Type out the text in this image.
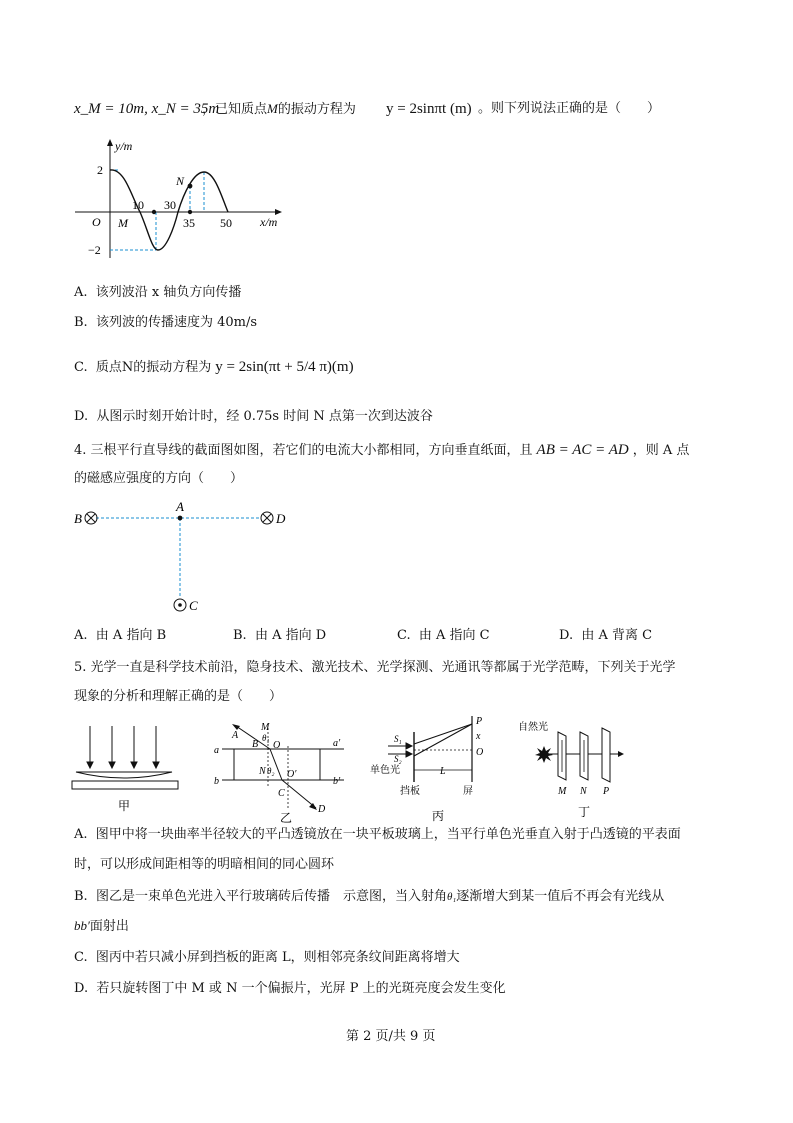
x_M = 10m, x_N = 35m
，已知质点M的振动方程为 y = 2sinπt (m) 。则下列说法正确的是（　　）
y/m
x/m
O
2
−2
10 30
35 50
M
N
A. 该列波沿 x 轴负方向传播
B. 该列波的传播速度为 40m/s
C. 质点N的振动方程为 y = 2sin(πt + 5/4 π)(m)
D. 从图示时刻开始计时，经 0.75s 时间 N 点第一次到达波谷
4. 三根平行直导线的截面图如图，若它们的电流大小都相同，方向垂直纸面，且 AB = AC = AD ，则 A 点
的磁感应强度的方向（　　）
A
B	D
C
A. 由 A 指向 B	B. 由 A 指向 D	C. 由 A 指向 C	D. 由 A 背离 C
5. 光学一直是科学技术前沿，隐身技术、激光技术、光学探测、光通讯等都属于光学范畴，下列关于光学
现象的分析和理解正确的是（　　）
甲
M
θ₁
A
B O
a
a′
b	b′
N θ₂ O′
C
D
乙
S₁
S₂
单色光
P
x
O
L
挡板	屏
丙
自然光
M N P
丁
A. 图甲中将一块曲率半径较大的平凸透镜放在一块平板玻璃上，当平行单色光垂直入射于凸透镜的平表面
时，可以形成间距相等的明暗相间的同心圆环
B. 图乙是一束单色光进入平行玻璃砖后传播　示意图，当入射角θ₁逐渐增大到某一值后不再会有光线从
bb′面射出
C. 图丙中若只减小屏到挡板的距离 L，则相邻亮条纹间距离将增大
D. 若只旋转图丁中 M 或 N 一个偏振片，光屏 P 上的光斑亮度会发生变化
第 2 页/共 9 页
